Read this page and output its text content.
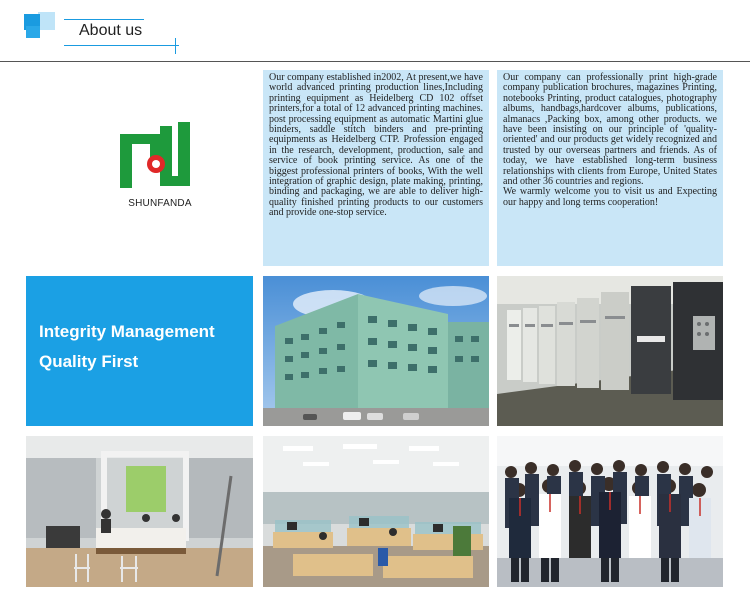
About us
SHUNFANDA
Our company established in2002, At present,we have world advanced printing production lines,Including printing equipment as Heidelberg CD 102 offset printers,for a total of 12 advanced printing machines. post processing equipment as automatic Martini glue binders, saddle stitch binders and pre-printing equipments as Heidelberg CTP. Profession engaged in the research, development, production, sale and service of book printing service. As one of the biggest professional printers of books, With the well integration of graphic design, plate making, printing, binding and packaging, we are able to deliver high-quality finished printing products to our customers and provide one-stop service.
Our company can professionally print high-grade company publication brochures, magazines Printing, notebooks Printing, product catalogues, photography albums, handbags,hardcover albums, publications, almanacs ,Packing box, among other products. we have been insisting on our principle of 'quality-oriented' and our products get widely recognized and trusted by our overseas partners and friends. As of today, we have established long-term business relationships with clients from Europe, United States and other 36 countries and regions.
We warmly welcome you to visit us and Expecting our happy and long terms cooperation!
Integrity Management
Quality First
